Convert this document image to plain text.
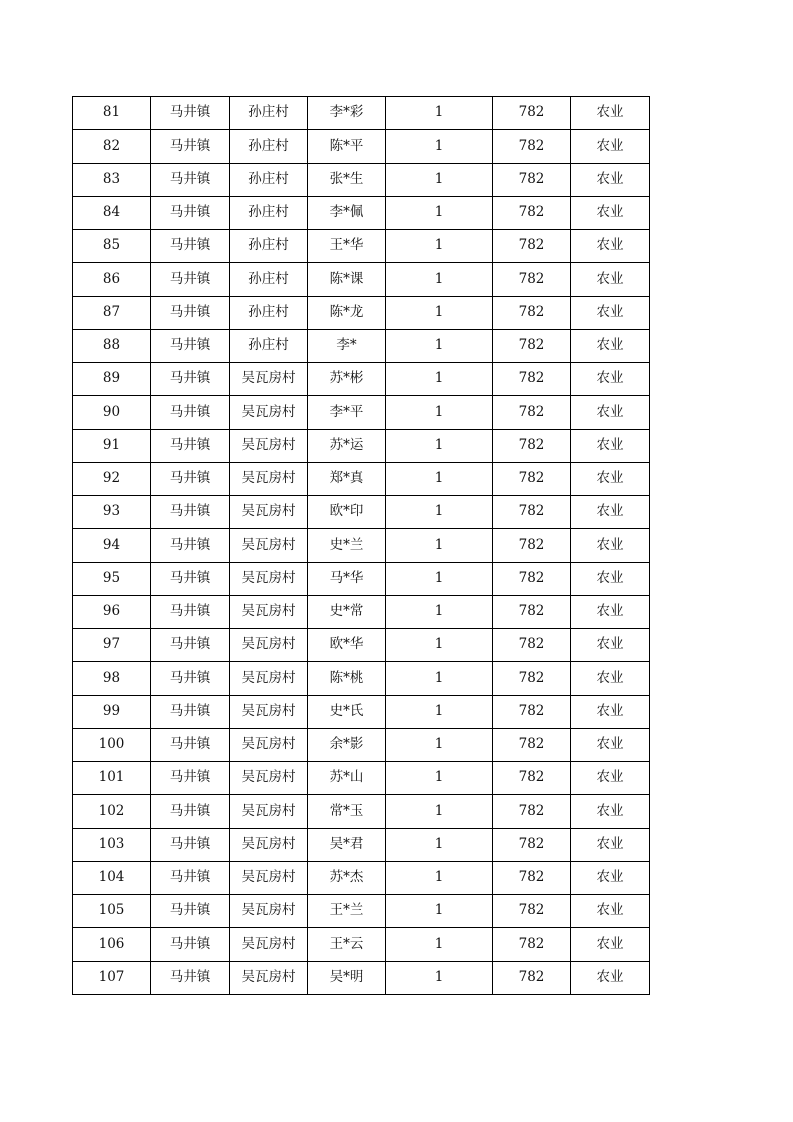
81	马井镇	孙庄村	李*彩	1	782	农业
82	马井镇	孙庄村	陈*平	1	782	农业
83	马井镇	孙庄村	张*生	1	782	农业
84	马井镇	孙庄村	李*佩	1	782	农业
85	马井镇	孙庄村	王*华	1	782	农业
86	马井镇	孙庄村	陈*课	1	782	农业
87	马井镇	孙庄村	陈*龙	1	782	农业
88	马井镇	孙庄村	李*	1	782	农业
89	马井镇	吴瓦房村	苏*彬	1	782	农业
90	马井镇	吴瓦房村	李*平	1	782	农业
91	马井镇	吴瓦房村	苏*运	1	782	农业
92	马井镇	吴瓦房村	郑*真	1	782	农业
93	马井镇	吴瓦房村	欧*印	1	782	农业
94	马井镇	吴瓦房村	史*兰	1	782	农业
95	马井镇	吴瓦房村	马*华	1	782	农业
96	马井镇	吴瓦房村	史*常	1	782	农业
97	马井镇	吴瓦房村	欧*华	1	782	农业
98	马井镇	吴瓦房村	陈*桃	1	782	农业
99	马井镇	吴瓦房村	史*氏	1	782	农业
100	马井镇	吴瓦房村	余*影	1	782	农业
101	马井镇	吴瓦房村	苏*山	1	782	农业
102	马井镇	吴瓦房村	常*玉	1	782	农业
103	马井镇	吴瓦房村	吴*君	1	782	农业
104	马井镇	吴瓦房村	苏*杰	1	782	农业
105	马井镇	吴瓦房村	王*兰	1	782	农业
106	马井镇	吴瓦房村	王*云	1	782	农业
107	马井镇	吴瓦房村	吴*明	1	782	农业
